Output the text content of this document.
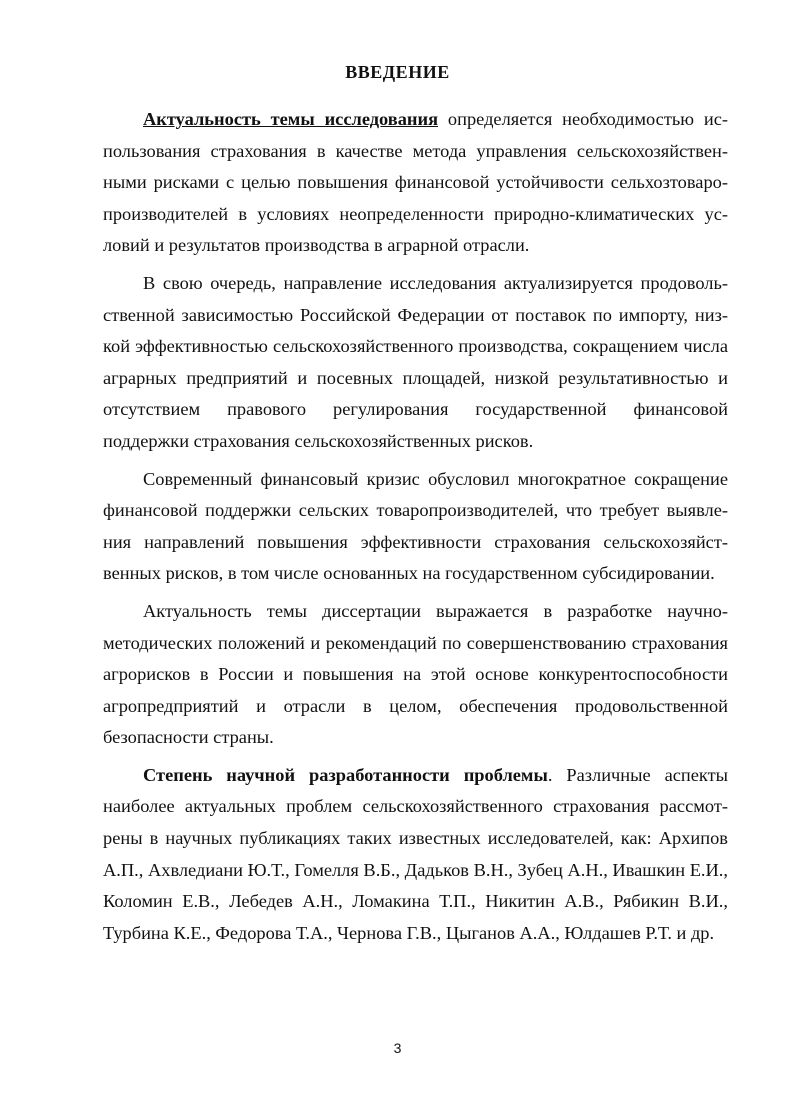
ВВЕДЕНИЕ

Актуальность темы исследования определяется необходимостью использования страхования в качестве метода управления сельскохозяйственными рисками с целью повышения финансовой устойчивости сельхозтоваропроизводителей в условиях неопределенности природно-климатических условий и результатов производства в аграрной отрасли.

В свою очередь, направление исследования актуализируется продовольственной зависимостью Российской Федерации от поставок по импорту, низкой эффективностью сельскохозяйственного производства, сокращением числа аграрных предприятий и посевных площадей, низкой результативностью и отсутствием правового регулирования государственной финансовой поддержки страхования сельскохозяйственных рисков.

Современный финансовый кризис обусловил многократное сокращение финансовой поддержки сельских товаропроизводителей, что требует выявления направлений повышения эффективности страхования сельскохозяйственных рисков, в том числе основанных на государственном субсидировании.

Актуальность темы диссертации выражается в разработке научно-методических положений и рекомендаций по совершенствованию страхования агрорисков в России и повышения на этой основе конкурентоспособности агропредприятий и отрасли в целом, обеспечения продовольственной безопасности страны.

Степень научной разработанности проблемы. Различные аспекты наиболее актуальных проблем сельскохозяйственного страхования рассмотрены в научных публикациях таких известных исследователей, как: Архипов А.П., Ахвледиани Ю.Т., Гомелля В.Б., Дадьков В.Н., Зубец А.Н., Ивашкин Е.И., Коломин Е.В., Лебедев А.Н., Ломакина Т.П., Никитин А.В., Рябикин В.И., Турбина К.Е., Федорова Т.А., Чернова Г.В., Цыганов А.А., Юлдашев Р.Т. и др.

3
